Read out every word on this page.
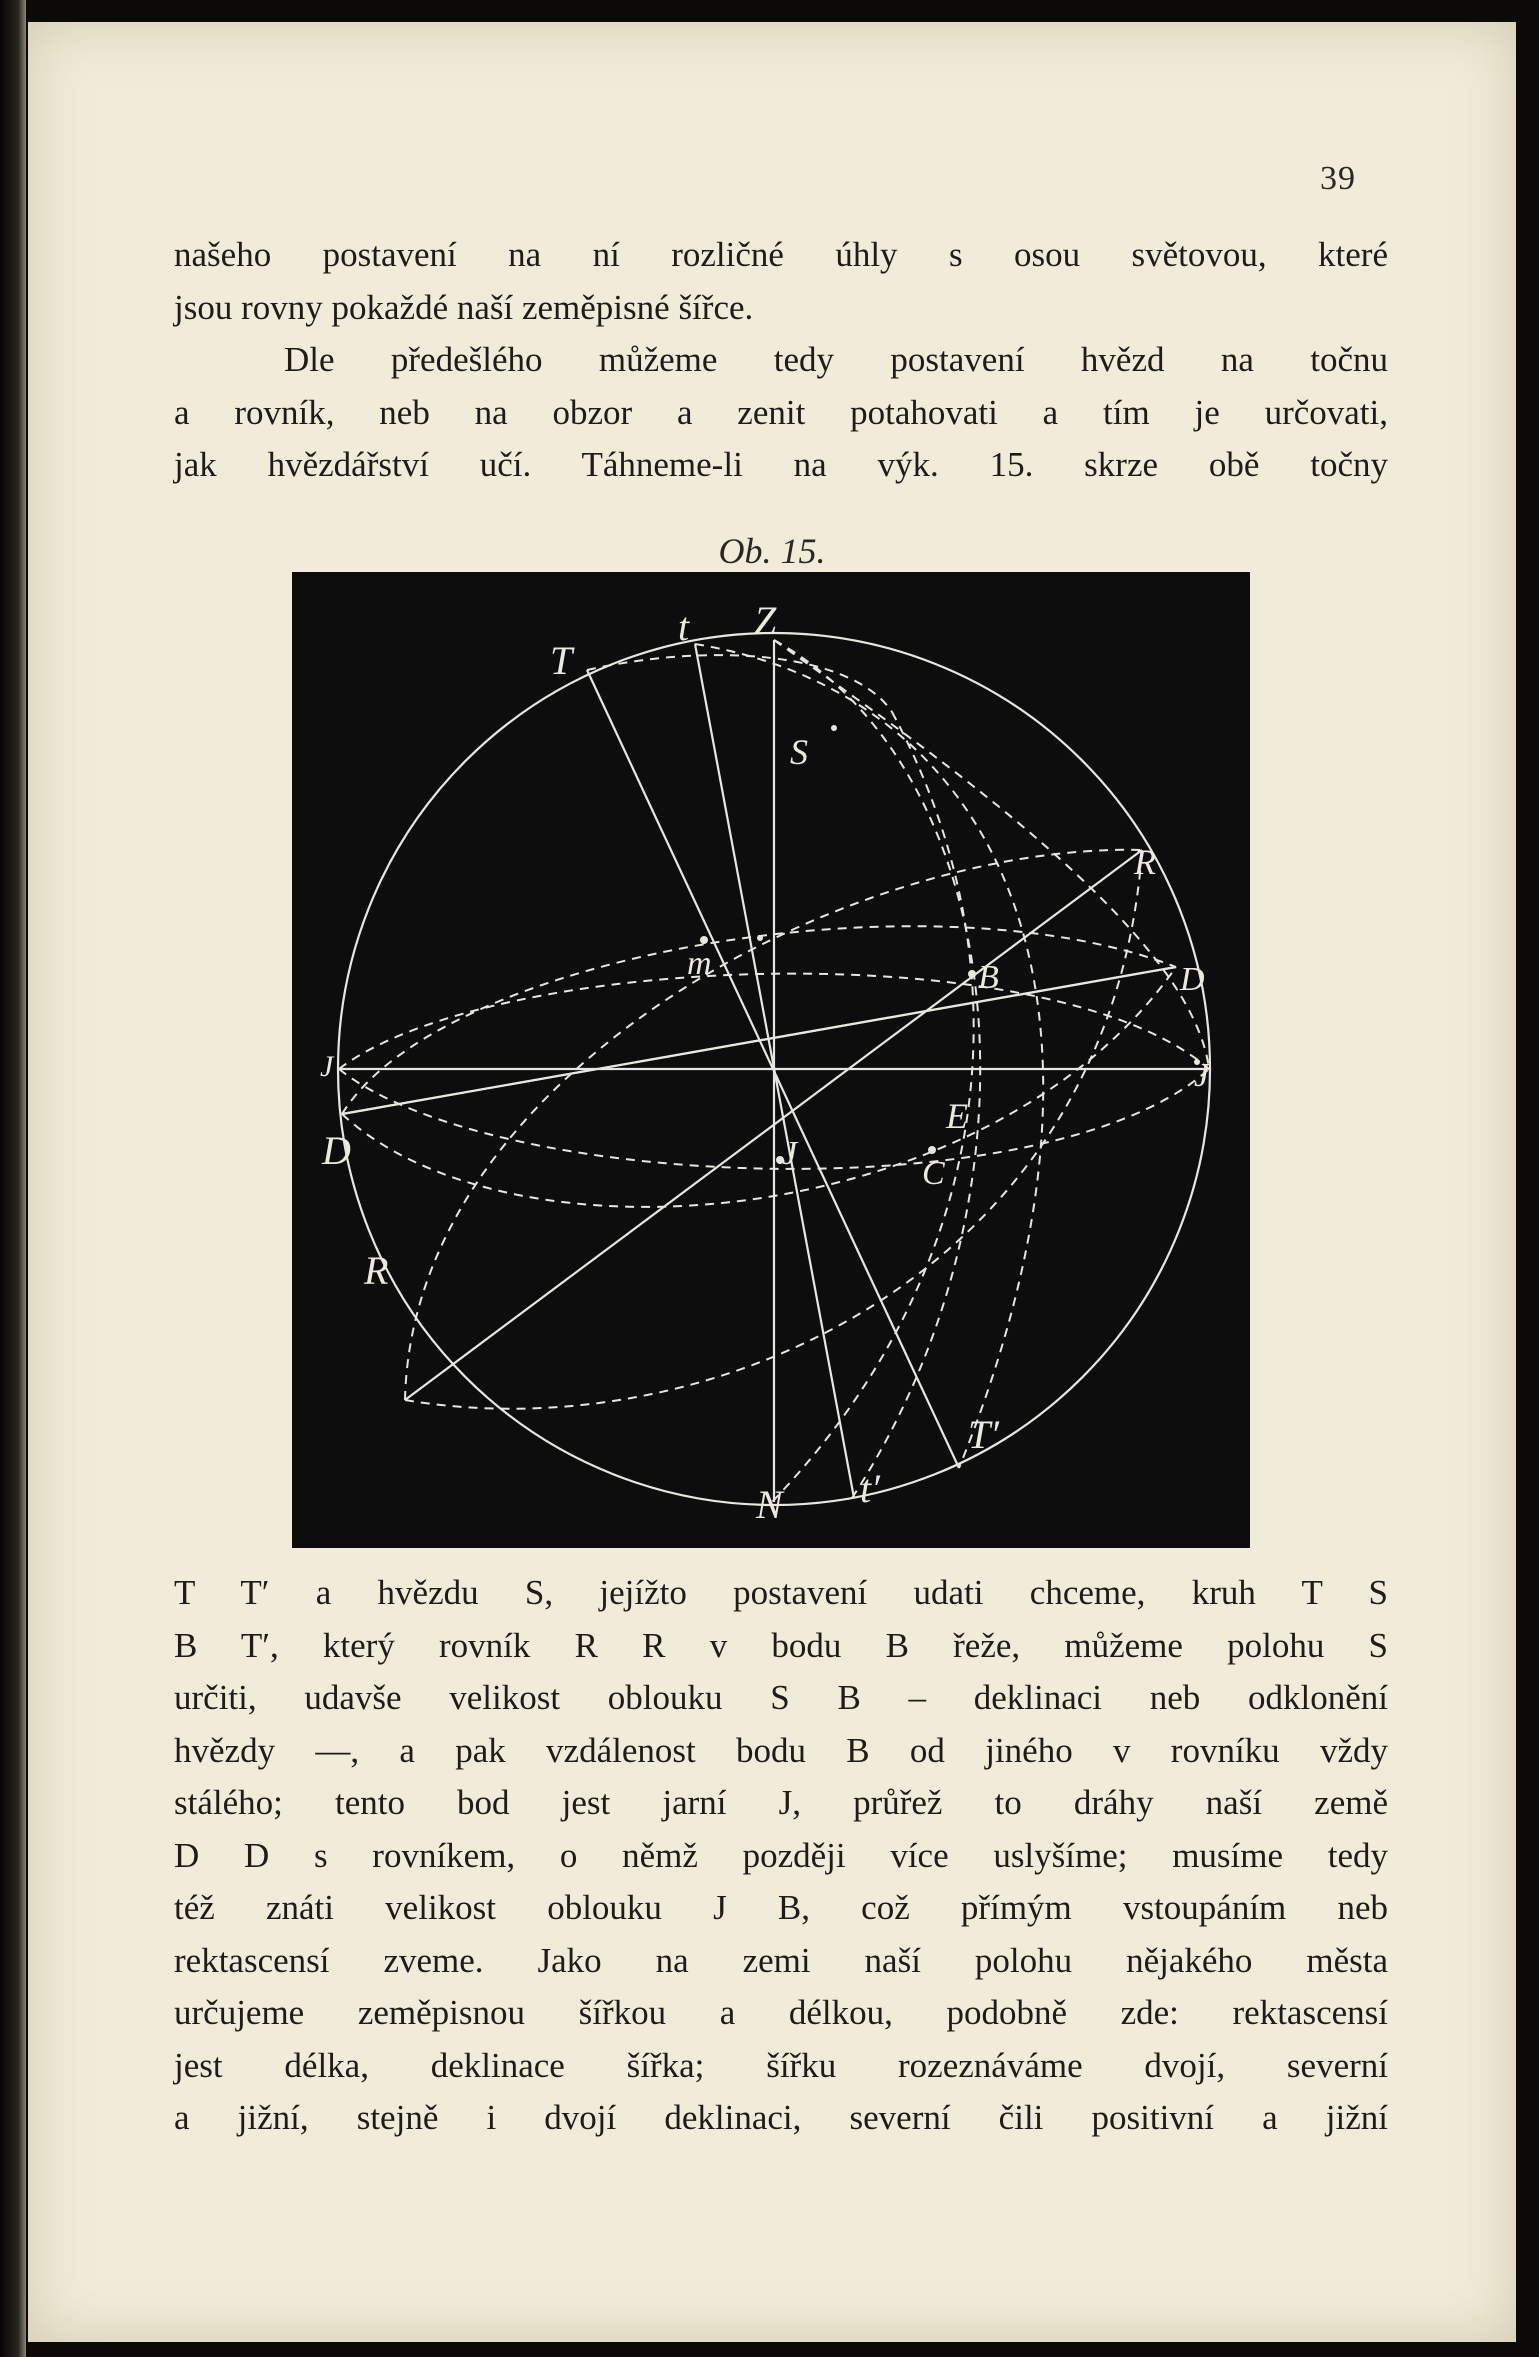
39
našeho postavení na ní rozličné úhly s osou světovou, které
jsou rovny pokaždé naší zeměpisné šířce.
Dle předešlého můžeme tedy postavení hvězd na točnu
a rovník, neb na obzor a zenit potahovati a tím je určovati,
jak hvězdářství učí. Táhneme-li na výk. 15. skrze obě točny
Ob. 15.
T
t Z
S
R
m	B	D
J	J
E
D	J
C
R
T′
N t′
T T′ a hvězdu S, jejížto postavení udati chceme, kruh T S
B T′, který rovník R R v bodu B řeže, můžeme polohu S
určiti, udavše velikost oblouku S B – deklinaci neb odklonění
hvězdy —, a pak vzdálenost bodu B od jiného v rovníku vždy
stálého; tento bod jest jarní J, průřež to dráhy naší země
D D s rovníkem, o němž později více uslyšíme; musíme tedy
též znáti velikost oblouku J B, což přímým vstoupáním neb
rektascensí zveme. Jako na zemi naší polohu nějakého města
určujeme zeměpisnou šířkou a délkou, podobně zde: rektascensí
jest délka, deklinace šířka; šířku rozeznáváme dvojí, severní
a jižní, stejně i dvojí deklinaci, severní čili positivní a jižní
